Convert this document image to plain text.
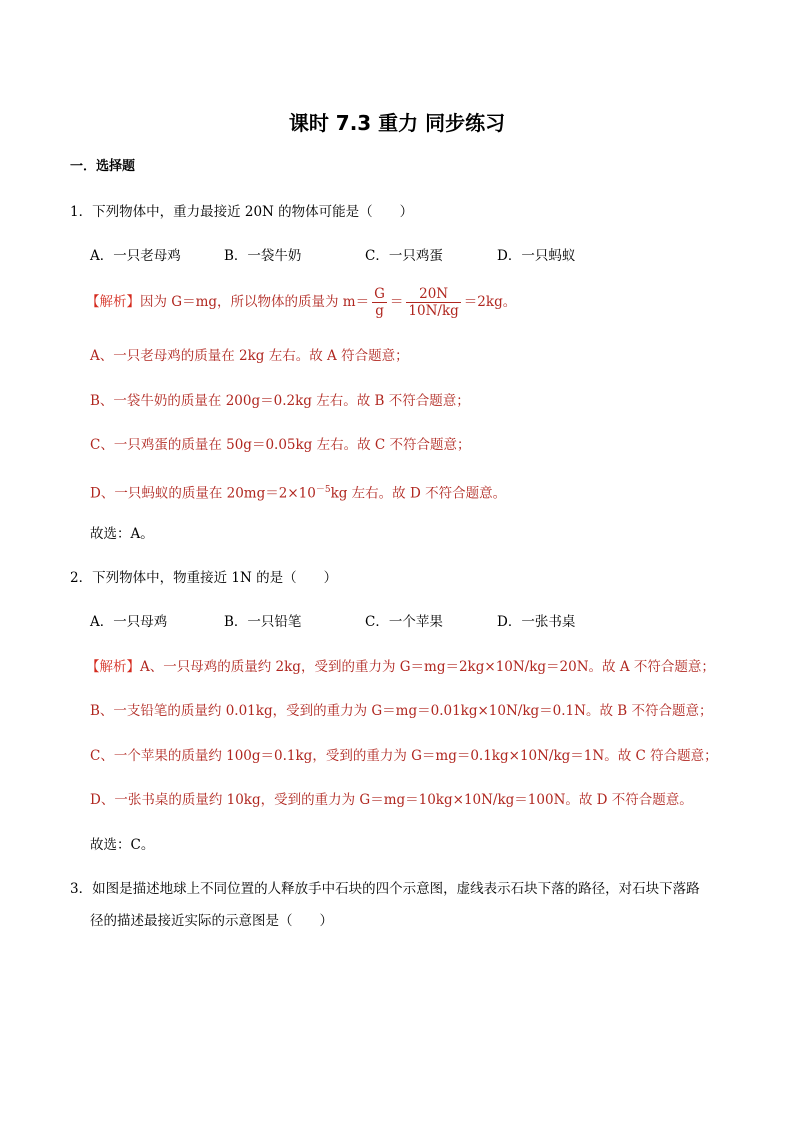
课时 7.3 重力 同步练习
一．选择题
1．下列物体中，重力最接近 20N 的物体可能是（　　）
A．一只老母鸡	B．一袋牛奶	C．一只鸡蛋	D．一只蚂蚁
【解析】因为 G＝mg，所以物体的质量为 $m= \frac{G}{g} = \frac{20N}{10N/kg} =2kg$。
A、一只老母鸡的质量在 2kg 左右。故 A 符合题意；
B、一袋牛奶的质量在 200g＝0.2kg 左右。故 B 不符合题意；
C、一只鸡蛋的质量在 50g＝0.05kg 左右。故 C 不符合题意；
D、一只蚂蚁的质量在 $20mg=2\times 10^{-5}kg$ 左右。故 D 不符合题意。
故选：A。
2．下列物体中，物重接近 1N 的是（　　）
A．一只母鸡	B．一只铅笔	C．一个苹果	D．一张书桌
【解析】A、一只母鸡的质量约 2kg，受到的重力为 G＝mg＝2kg×10N/kg＝20N。故 A 不符合题意；
B、一支铅笔的质量约 0.01kg，受到的重力为 G＝mg＝0.01kg×10N/kg＝0.1N。故 B 不符合题意；
C、一个苹果的质量约 100g＝0.1kg，受到的重力为 G＝mg＝0.1kg×10N/kg＝1N。故 C 符合题意；
D、一张书桌的质量约 10kg，受到的重力为 G＝mg＝10kg×10N/kg＝100N。故 D 不符合题意。
故选：C。
3．如图是描述地球上不同位置的人释放手中石块的四个示意图，虚线表示石块下落的路径，对石块下落路
径的描述最接近实际的示意图是（　　）
